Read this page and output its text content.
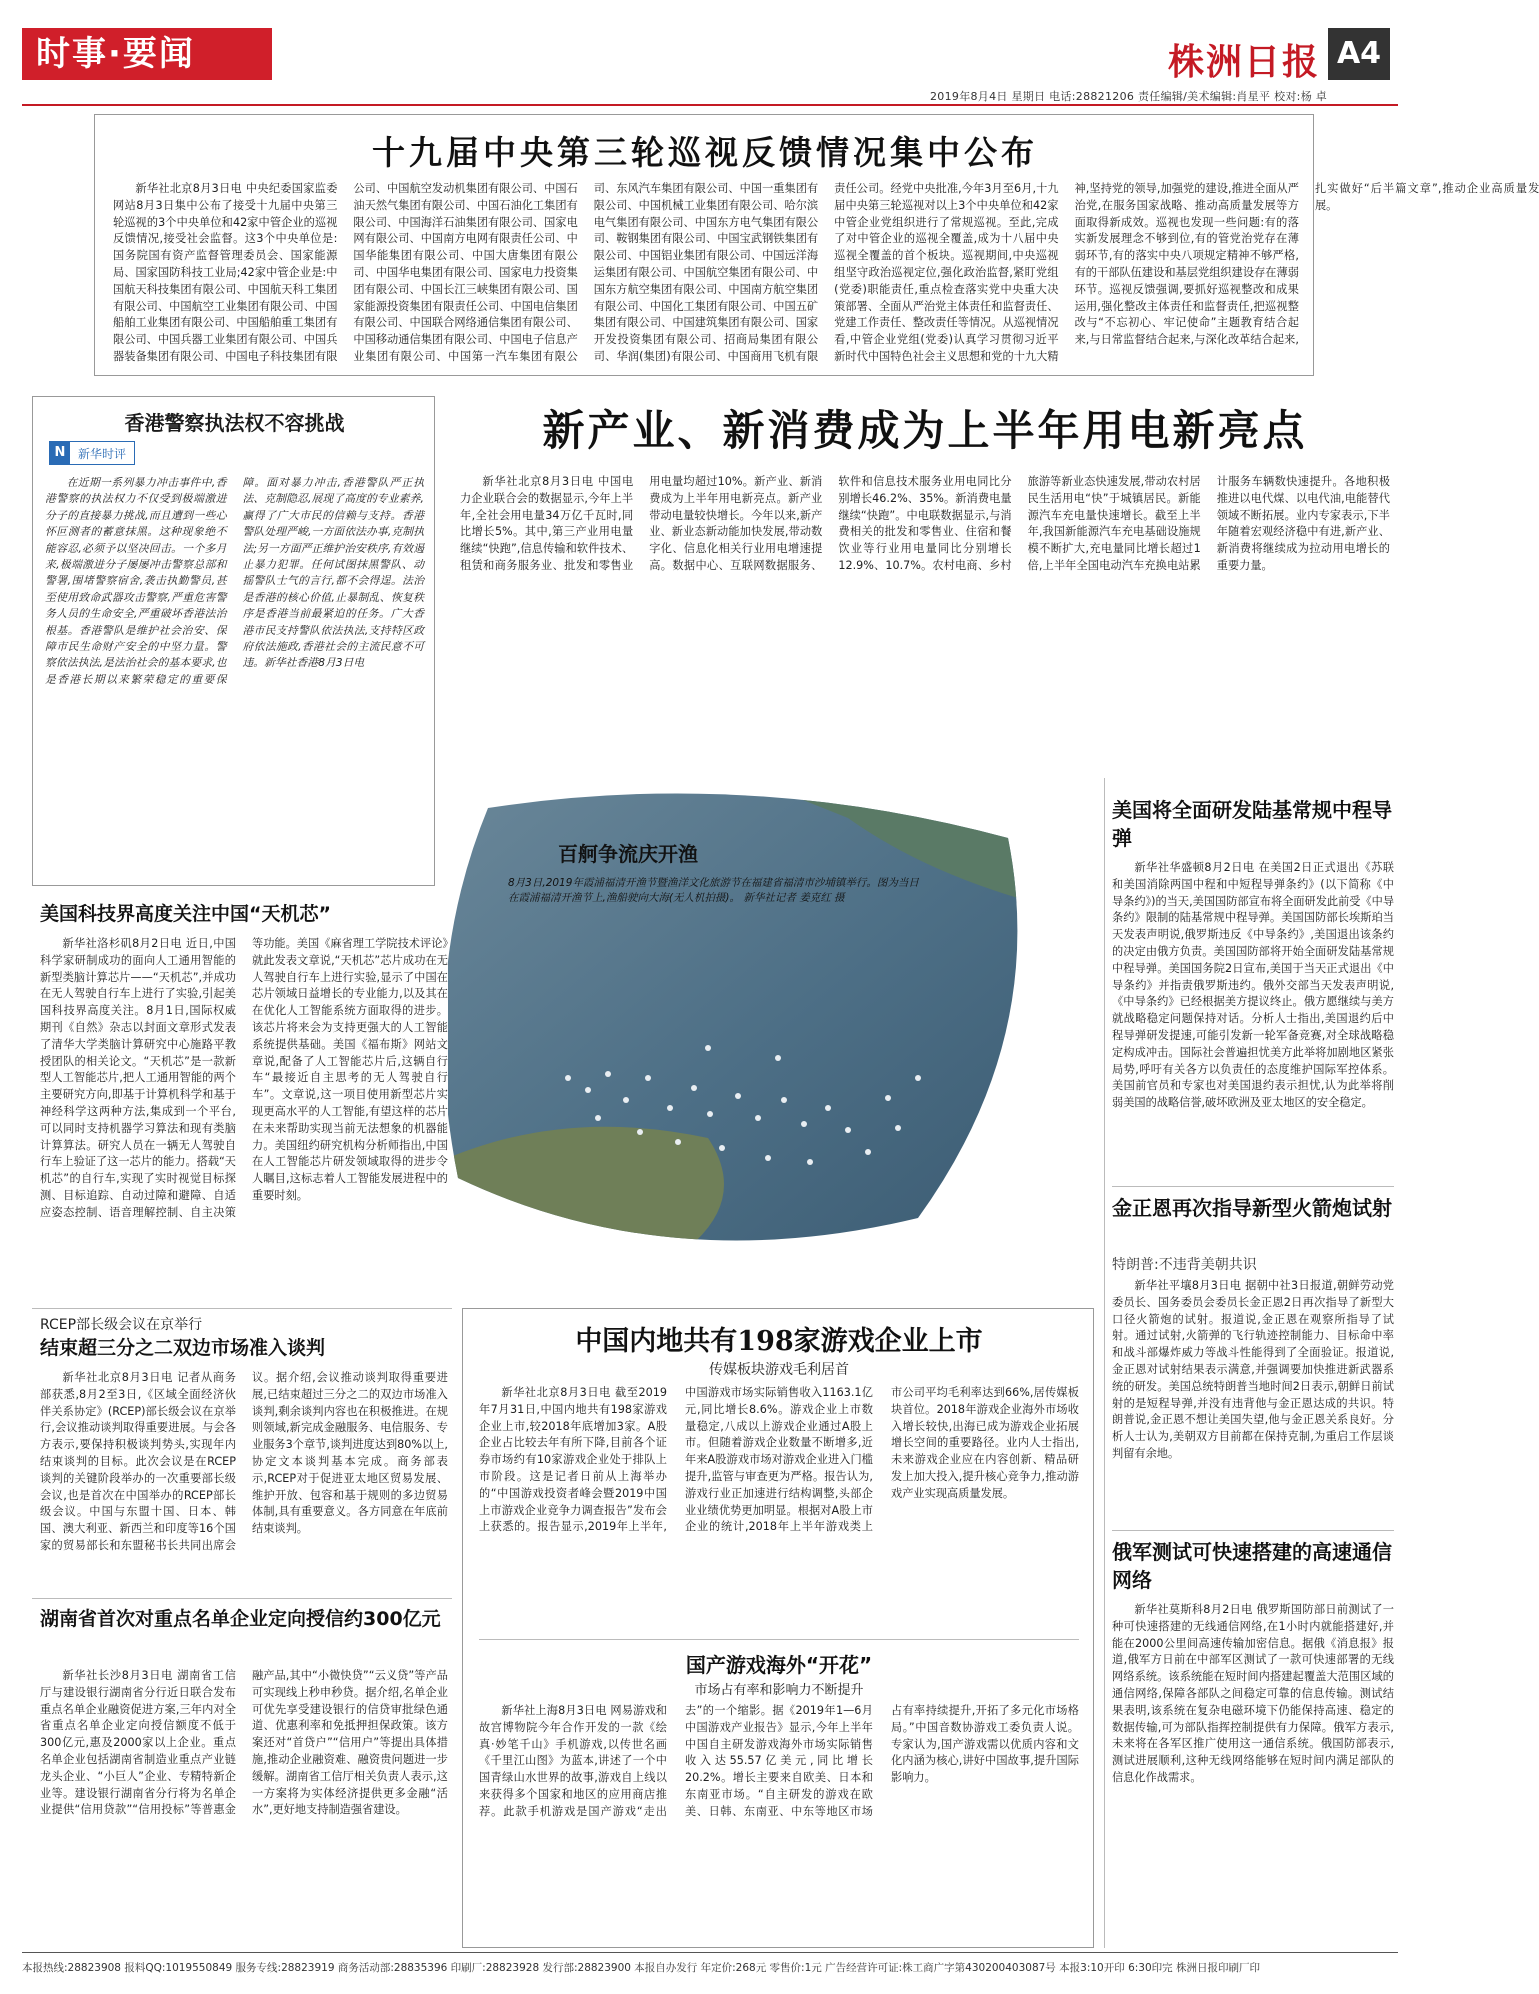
时事·要闻	株洲日报 A4
2019年8月4日 星期日 电话:28821206 责任编辑/美术编辑:肖星平 校对:杨 卓
十九届中央第三轮巡视反馈情况集中公布
新华社北京8月3日电 中央纪委国家监委网站8月3日集中公布了接受十九届中央第三轮巡视的3个中央单位和42家中管企业的巡视反馈情况,接受社会监督。这3个中央单位是:国务院国有资产监督管理委员会、国家能源局、国家国防科技工业局;42家中管企业是:中国航天科技集团有限公司、中国航天科工集团有限公司、中国航空工业集团有限公司、中国船舶工业集团有限公司、中国船舶重工集团有限公司、中国兵器工业集团有限公司、中国兵器装备集团有限公司、中国电子科技集团有限公司、中国航空发动机集团有限公司、中国石油天然气集团有限公司、中国石油化工集团有限公司、中国海洋石油集团有限公司、国家电网有限公司、中国南方电网有限责任公司、中国华能集团有限公司、中国大唐集团有限公司、中国华电集团有限公司、国家电力投资集团有限公司、中国长江三峡集团有限公司、国家能源投资集团有限责任公司、中国电信集团有限公司、中国联合网络通信集团有限公司、中国移动通信集团有限公司、中国电子信息产业集团有限公司、中国第一汽车集团有限公司、东风汽车集团有限公司、中国一重集团有限公司、中国机械工业集团有限公司、哈尔滨电气集团有限公司、中国东方电气集团有限公司、鞍钢集团有限公司、中国宝武钢铁集团有限公司、中国铝业集团有限公司、中国远洋海运集团有限公司、中国航空集团有限公司、中国东方航空集团有限公司、中国南方航空集团有限公司、中国化工集团有限公司、中国五矿集团有限公司、中国建筑集团有限公司、国家开发投资集团有限公司、招商局集团有限公司、华润(集团)有限公司、中国商用飞机有限责任公司。经党中央批准,今年3月至6月,十九届中央第三轮巡视对以上3个中央单位和42家中管企业党组织进行了常规巡视。至此,完成了对中管企业的巡视全覆盖,成为十八届中央巡视全覆盖的首个板块。巡视期间,中央巡视组坚守政治巡视定位,强化政治监督,紧盯党组(党委)职能责任,重点检查落实党中央重大决策部署、全面从严治党主体责任和监督责任、党建工作责任、整改责任等情况。从巡视情况看,中管企业党组(党委)认真学习贯彻习近平新时代中国特色社会主义思想和党的十九大精神,坚持党的领导,加强党的建设,推进全面从严治党,在服务国家战略、推动高质量发展等方面取得新成效。巡视也发现一些问题:有的落实新发展理念不够到位,有的管党治党存在薄弱环节,有的落实中央八项规定精神不够严格,有的干部队伍建设和基层党组织建设存在薄弱环节。巡视反馈强调,要抓好巡视整改和成果运用,强化整改主体责任和监督责任,把巡视整改与“不忘初心、牢记使命”主题教育结合起来,与日常监督结合起来,与深化改革结合起来,扎实做好“后半篇文章”,推动企业高质量发展。
香港警察执法权不容挑战
N	新华时评
在近期一系列暴力冲击事件中,香港警察的执法权力不仅受到极端激进分子的直接暴力挑战,而且遭到一些心怀叵测者的蓄意抹黑。这种现象绝不能容忍,必须予以坚决回击。一个多月来,极端激进分子屡屡冲击警察总部和警署,围堵警察宿舍,袭击执勤警员,甚至使用致命武器攻击警察,严重危害警务人员的生命安全,严重破坏香港法治根基。香港警队是维护社会治安、保障市民生命财产安全的中坚力量。警察依法执法,是法治社会的基本要求,也是香港长期以来繁荣稳定的重要保障。面对暴力冲击,香港警队严正执法、克制隐忍,展现了高度的专业素养,赢得了广大市民的信赖与支持。香港警队处理严峻,一方面依法办事,克制执法;另一方面严正维护治安秩序,有效遏止暴力犯罪。任何试图抹黑警队、动摇警队士气的言行,都不会得逞。法治是香港的核心价值,止暴制乱、恢复秩序是香港当前最紧迫的任务。广大香港市民支持警队依法执法,支持特区政府依法施政,香港社会的主流民意不可违。新华社香港8月3日电
新产业、新消费成为上半年用电新亮点
新华社北京8月3日电 中国电力企业联合会的数据显示,今年上半年,全社会用电量34万亿千瓦时,同比增长5%。其中,第三产业用电量继续“快跑”,信息传输和软件技术、租赁和商务服务业、批发和零售业用电量均超过10%。新产业、新消费成为上半年用电新亮点。新产业带动电量较快增长。今年以来,新产业、新业态新动能加快发展,带动数字化、信息化相关行业用电增速提高。数据中心、互联网数据服务、软件和信息技术服务业用电同比分别增长46.2%、35%。新消费电量继续“快跑”。中电联数据显示,与消费相关的批发和零售业、住宿和餐饮业等行业用电量同比分别增长12.9%、10.7%。农村电商、乡村旅游等新业态快速发展,带动农村居民生活用电“快”于城镇居民。新能源汽车充电量快速增长。截至上半年,我国新能源汽车充电基础设施规模不断扩大,充电量同比增长超过1倍,上半年全国电动汽车充换电站累计服务车辆数快速提升。各地积极推进以电代煤、以电代油,电能替代领域不断拓展。业内专家表示,下半年随着宏观经济稳中有进,新产业、新消费将继续成为拉动用电增长的重要力量。
百舸争流庆开渔
8月3日,2019年霞浦福清开渔节暨渔洋文化旅游节在福建省福清市沙埔镇举行。图为当日在霞浦福清开渔节上,渔船驶向大海(无人机拍摄)。 新华社记者 姜克红 摄
美国科技界高度关注中国“天机芯”
新华社洛杉矶8月2日电 近日,中国科学家研制成功的面向人工通用智能的新型类脑计算芯片——“天机芯”,并成功在无人驾驶自行车上进行了实验,引起美国科技界高度关注。8月1日,国际权威期刊《自然》杂志以封面文章形式发表了清华大学类脑计算研究中心施路平教授团队的相关论文。“天机芯”是一款新型人工智能芯片,把人工通用智能的两个主要研究方向,即基于计算机科学和基于神经科学这两种方法,集成到一个平台,可以同时支持机器学习算法和现有类脑计算算法。研究人员在一辆无人驾驶自行车上验证了这一芯片的能力。搭载“天机芯”的自行车,实现了实时视觉目标探测、目标追踪、自动过障和避障、自适应姿态控制、语音理解控制、自主决策等功能。美国《麻省理工学院技术评论》就此发表文章说,“天机芯”芯片成功在无人驾驶自行车上进行实验,显示了中国在芯片领域日益增长的专业能力,以及其在在优化人工智能系统方面取得的进步。该芯片将来会为支持更强大的人工智能系统提供基础。美国《福布斯》网站文章说,配备了人工智能芯片后,这辆自行车“最接近自主思考的无人驾驶自行车”。文章说,这一项目使用新型芯片实现更高水平的人工智能,有望这样的芯片在未来帮助实现当前无法想象的机器能力。美国纽约研究机构分析师指出,中国在人工智能芯片研发领域取得的进步令人瞩目,这标志着人工智能发展进程中的重要时刻。
RCEP部长级会议在京举行
结束超三分之二双边市场准入谈判
新华社北京8月3日电 记者从商务部获悉,8月2至3日,《区域全面经济伙伴关系协定》(RCEP)部长级会议在京举行,会议推动谈判取得重要进展。与会各方表示,要保持积极谈判势头,实现年内结束谈判的目标。此次会议是在RCEP谈判的关键阶段举办的一次重要部长级会议,也是首次在中国举办的RCEP部长级会议。中国与东盟十国、日本、韩国、澳大利亚、新西兰和印度等16个国家的贸易部长和东盟秘书长共同出席会议。据介绍,会议推动谈判取得重要进展,已结束超过三分之二的双边市场准入谈判,剩余谈判内容也在积极推进。在规则领域,新完成金融服务、电信服务、专业服务3个章节,谈判进度达到80%以上,协定文本谈判基本完成。商务部表示,RCEP对于促进亚太地区贸易发展、维护开放、包容和基于规则的多边贸易体制,具有重要意义。各方同意在年底前结束谈判。
湖南省首次对重点名单企业定向授信约300亿元
新华社长沙8月3日电 湖南省工信厅与建设银行湖南省分行近日联合发布重点名单企业融资促进方案,三年内对全省重点名单企业定向授信额度不低于300亿元,惠及2000家以上企业。重点名单企业包括湖南省制造业重点产业链龙头企业、“小巨人”企业、专精特新企业等。建设银行湖南省分行将为名单企业提供“信用贷款”“信用投标”等普惠金融产品,其中“小微快贷”“云义贷”等产品可实现线上秒申秒贷。据介绍,名单企业可优先享受建设银行的信贷审批绿色通道、优惠利率和免抵押担保政策。该方案还对“首贷户”“信用户”等提出具体措施,推动企业融资难、融资贵问题进一步缓解。湖南省工信厅相关负责人表示,这一方案将为实体经济提供更多金融“活水”,更好地支持制造强省建设。
中国内地共有198家游戏企业上市
传媒板块游戏毛利居首
新华社北京8月3日电 截至2019年7月31日,中国内地共有198家游戏企业上市,较2018年底增加3家。A股企业占比较去年有所下降,目前各个证券市场约有10家游戏企业处于排队上市阶段。这是记者日前从上海举办的“中国游戏投资者峰会暨2019中国上市游戏企业竞争力调查报告”发布会上获悉的。报告显示,2019年上半年,中国游戏市场实际销售收入1163.1亿元,同比增长8.6%。游戏企业上市数量稳定,八成以上游戏企业通过A股上市。但随着游戏企业数量不断增多,近年来A股游戏市场对游戏企业进入门槛提升,监管与审查更为严格。报告认为,游戏行业正加速进行结构调整,头部企业业绩优势更加明显。根据对A股上市企业的统计,2018年上半年游戏类上市公司平均毛利率达到66%,居传媒板块首位。2018年游戏企业海外市场收入增长较快,出海已成为游戏企业拓展增长空间的重要路径。业内人士指出,未来游戏企业应在内容创新、精品研发上加大投入,提升核心竞争力,推动游戏产业实现高质量发展。
国产游戏海外“开花”
市场占有率和影响力不断提升
新华社上海8月3日电 网易游戏和故宫博物院今年合作开发的一款《绘真·妙笔千山》手机游戏,以传世名画《千里江山图》为蓝本,讲述了一个中国青绿山水世界的故事,游戏自上线以来获得多个国家和地区的应用商店推荐。此款手机游戏是国产游戏“走出去”的一个缩影。据《2019年1—6月中国游戏产业报告》显示,今年上半年中国自主研发游戏海外市场实际销售收入达55.57亿美元,同比增长20.2%。增长主要来自欧美、日本和东南亚市场。“自主研发的游戏在欧美、日韩、东南亚、中东等地区市场占有率持续提升,开拓了多元化市场格局。”中国音数协游戏工委负责人说。专家认为,国产游戏需以优质内容和文化内涵为核心,讲好中国故事,提升国际影响力。
美国将全面研发陆基常规中程导弹
新华社华盛顿8月2日电 在美国2日正式退出《苏联和美国消除两国中程和中短程导弹条约》(以下简称《中导条约》)的当天,美国国防部宣布将全面研发此前受《中导条约》限制的陆基常规中程导弹。美国国防部长埃斯珀当天发表声明说,俄罗斯违反《中导条约》,美国退出该条约的决定由俄方负责。美国国防部将开始全面研发陆基常规中程导弹。美国国务院2日宣布,美国于当天正式退出《中导条约》并指责俄罗斯违约。俄外交部当天发表声明说,《中导条约》已经根据美方提议终止。俄方愿继续与美方就战略稳定问题保持对话。分析人士指出,美国退约后中程导弹研发提速,可能引发新一轮军备竞赛,对全球战略稳定构成冲击。国际社会普遍担忧美方此举将加剧地区紧张局势,呼吁有关各方以负责任的态度维护国际军控体系。美国前官员和专家也对美国退约表示担忧,认为此举将削弱美国的战略信誉,破坏欧洲及亚太地区的安全稳定。
金正恩再次指导新型火箭炮试射
特朗普:不违背美朝共识
新华社平壤8月3日电 据朝中社3日报道,朝鲜劳动党委员长、国务委员会委员长金正恩2日再次指导了新型大口径火箭炮的试射。报道说,金正恩在观察所指导了试射。通过试射,火箭弹的飞行轨迹控制能力、目标命中率和战斗部爆炸威力等战斗性能得到了全面验证。报道说,金正恩对试射结果表示满意,并强调要加快推进新武器系统的研发。美国总统特朗普当地时间2日表示,朝鲜日前试射的是短程导弹,并没有违背他与金正恩达成的共识。特朗普说,金正恩不想让美国失望,他与金正恩关系良好。分析人士认为,美朝双方目前都在保持克制,为重启工作层谈判留有余地。
俄军测试可快速搭建的高速通信网络
新华社莫斯科8月2日电 俄罗斯国防部日前测试了一种可快速搭建的无线通信网络,在1小时内就能搭建好,并能在2000公里间高速传输加密信息。据俄《消息报》报道,俄军方日前在中部军区测试了一款可快速部署的无线网络系统。该系统能在短时间内搭建起覆盖大范围区域的通信网络,保障各部队之间稳定可靠的信息传输。测试结果表明,该系统在复杂电磁环境下仍能保持高速、稳定的数据传输,可为部队指挥控制提供有力保障。俄军方表示,未来将在各军区推广使用这一通信系统。俄国防部表示,测试进展顺利,这种无线网络能够在短时间内满足部队的信息化作战需求。
本报热线:28823908 报料QQ:1019550849 服务专线:28823919 商务活动部:28835396 印刷厂:28823928 发行部:28823900 本报自办发行 年定价:268元 零售价:1元 广告经营许可证:株工商广字第430200403087号 本报3:10开印 6:30印完 株洲日报印刷厂印
